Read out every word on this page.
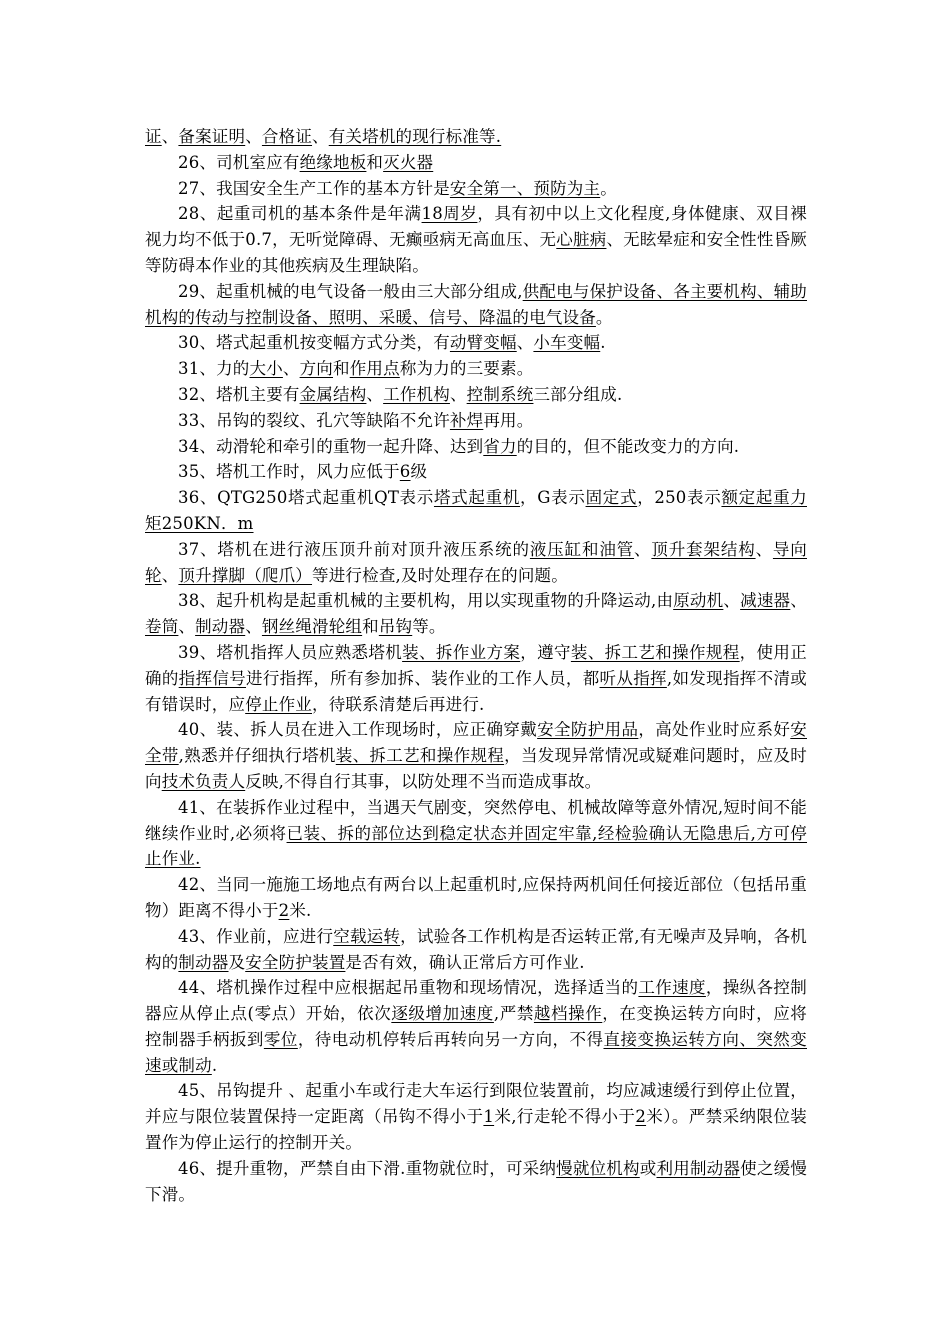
证、备案证明、合格证、有关塔机的现行标准等.

26、司机室应有绝缘地板和灭火器

27、我国安全生产工作的基本方针是安全第一、预防为主。

28、起重司机的基本条件是年满18周岁，具有初中以上文化程度,身体健康、双目裸视力均不低于0.7，无听觉障碍、无癫亟病无高血压、无心脏病、无眩晕症和安全性性昏厥等防碍本作业的其他疾病及生理缺陷。

29、起重机械的电气设备一般由三大部分组成,供配电与保护设备、各主要机构、辅助机构的传动与控制设备、照明、采暖、信号、降温的电气设备。

30、塔式起重机按变幅方式分类，有动臂变幅、小车变幅.

31、力的大小、方向和作用点称为力的三要素。

32、塔机主要有金属结构、工作机构、控制系统三部分组成.

33、吊钩的裂纹、孔穴等缺陷不允许补焊再用。

34、动滑轮和牵引的重物一起升降、达到省力的目的，但不能改变力的方向.

35、塔机工作时，风力应低于6级

36、QTG250塔式起重机QT表示塔式起重机，G表示固定式，250表示额定起重力矩250KN．m

37、塔机在进行液压顶升前对顶升液压系统的液压缸和油管、顶升套架结构、导向轮、顶升撑脚（爬爪）等进行检查,及时处理存在的问题。

38、起升机构是起重机械的主要机构，用以实现重物的升降运动,由原动机、减速器、卷筒、制动器、钢丝绳滑轮组和吊钩等。

39、塔机指挥人员应熟悉塔机装、拆作业方案，遵守装、拆工艺和操作规程，使用正确的指挥信号进行指挥，所有参加拆、装作业的工作人员，都听从指挥,如发现指挥不清或有错误时，应停止作业，待联系清楚后再进行.

40、装、拆人员在进入工作现场时，应正确穿戴安全防护用品，高处作业时应系好安全带,熟悉并仔细执行塔机装、拆工艺和操作规程，当发现异常情况或疑难问题时，应及时向技术负责人反映,不得自行其事，以防处理不当而造成事故。

41、在装拆作业过程中，当遇天气剧变，突然停电、机械故障等意外情况,短时间不能继续作业时,必须将已装、拆的部位达到稳定状态并固定牢靠,经检验确认无隐患后,方可停止作业.

42、当同一施施工场地点有两台以上起重机时,应保持两机间任何接近部位（包括吊重物）距离不得小于2米.

43、作业前，应进行空载运转，试验各工作机构是否运转正常,有无噪声及异响，各机构的制动器及安全防护装置是否有效，确认正常后方可作业.

44、塔机操作过程中应根据起吊重物和现场情况，选择适当的工作速度，操纵各控制器应从停止点(零点）开始，依次逐级增加速度,严禁越档操作，在变换运转方向时，应将控制器手柄扳到零位，待电动机停转后再转向另一方向，不得直接变换运转方向、突然变速或制动.

45、吊钩提升 、起重小车或行走大车运行到限位装置前，均应减速缓行到停止位置，并应与限位装置保持一定距离（吊钩不得小于1米,行走轮不得小于2米）。严禁采纳限位装置作为停止运行的控制开关。

46、提升重物，严禁自由下滑.重物就位时，可采纳慢就位机构或利用制动器使之缓慢下滑。
